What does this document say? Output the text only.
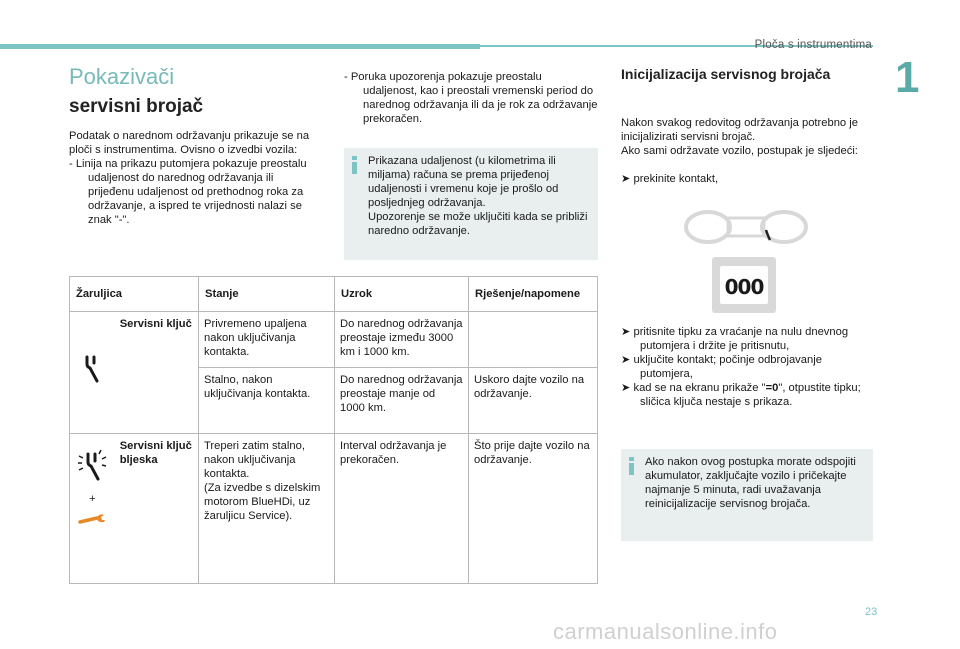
Ploča s instrumentima
1
Pokazivači
servisni brojač
Podatak o narednom održavanju prikazuje se na ploči s instrumentima. Ovisno o izvedbi vozila:
- Linija na prikazu putomjera pokazuje preostalu udaljenost do narednog održavanja ili prijeđenu udaljenost od prethodnog roka za održavanje, a ispred te vrijednosti nalazi se znak "-".
- Poruka upozorenja pokazuje preostalu udaljenost, kao i preostali vremenski period do narednog održavanja ili da je rok za održavanje prekoračen.
Prikazana udaljenost (u kilometrima ili miljama) računa se prema prijeđenoj udaljenosti i vremenu koje je prošlo od posljednjeg održavanja.
Upozorenje se može uključiti kada se približi naredno održavanje.
Žaruljica		Stanje	Uzrok	Rješenje/napomene
	Servisni ključ	Privremeno upaljena nakon uključivanja kontakta.	Do narednog održavanja preostaje između 3000 km i 1000 km.	
		Stalno, nakon uključivanja kontakta.	Do narednog održavanja preostaje manje od 1000 km.	Uskoro dajte vozilo na održavanje.

+	Servisni ključ bljeska	Treperi zatim stalno, nakon uključivanja kontakta.
(Za izvedbe s dizelskim motorom BlueHDi, uz žaruljicu Service).	Interval održavanja je prekoračen.	Što prije dajte vozilo na održavanje.
Inicijalizacija servisnog brojača
Nakon svakog redovitog održavanja potrebno je inicijalizirati servisni brojač.
Ako sami održavate vozilo, postupak je sljedeći:
➤ prekinite kontakt,
000
➤ pritisnite tipku za vraćanje na nulu dnevnog putomjera i držite je pritisnutu,
➤ uključite kontakt; počinje odbrojavanje putomjera,
➤ kad se na ekranu prikaže "=0", otpustite tipku; sličica ključa nestaje s prikaza.
Ako nakon ovog postupka morate odspojiti akumulator, zaključajte vozilo i pričekajte najmanje 5 minuta, radi uvažavanja reinicijalizacije servisnog brojača.
23
carmanualsonline.info
